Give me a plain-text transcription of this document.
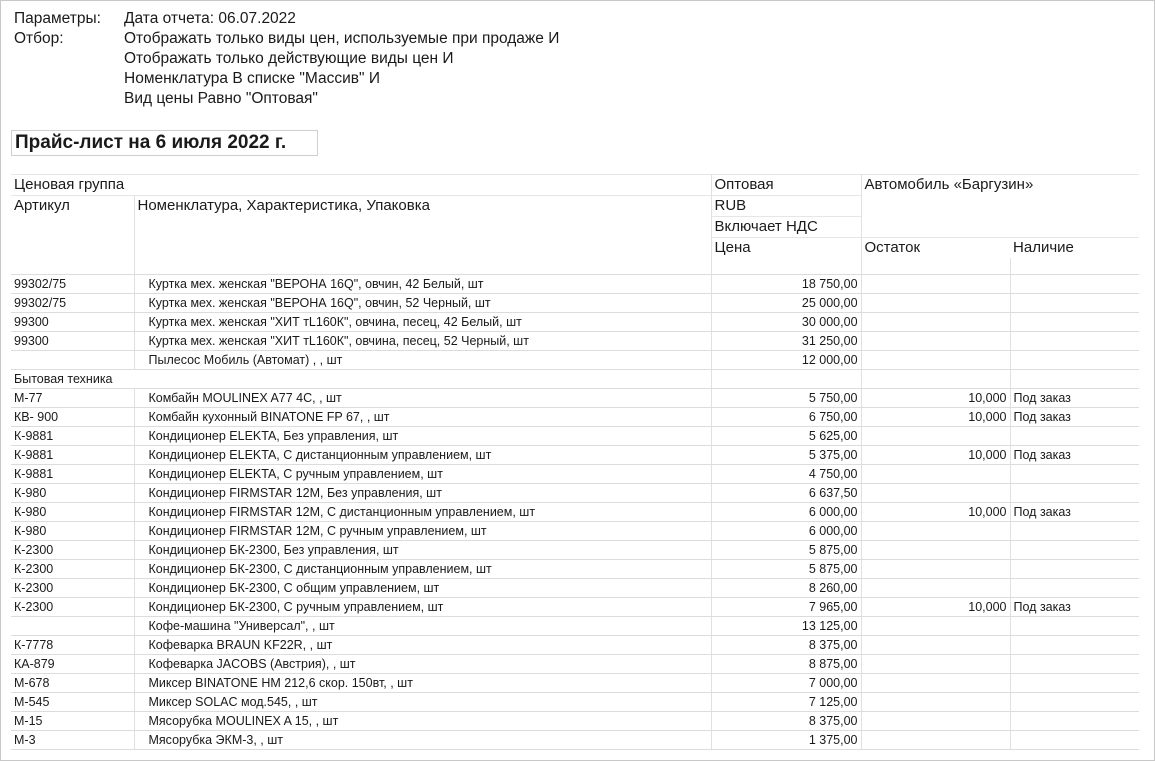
Параметры:	Дата отчета: 06.07.2022
Отбор:	Отображать только виды цен, используемые при продаже И
Отображать только действующие виды цен И
Номенклатура В списке "Массив" И
Вид цены Равно "Оптовая"
Прайс-лист на 6 июля 2022 г.
Ценовая группа		Оптовая	Автомобиль «Баргузин»	
Артикул	Номенклатура, Характеристика, Упаковка	RUB		
		Включает НДС		
		Цена	Остаток	Наличие

99302/75	Куртка мех. женская "ВЕРОНА 16Q", овчин, 42 Белый, шт	18 750,00		
99302/75	Куртка мех. женская "ВЕРОНА 16Q", овчин, 52 Черный, шт	25 000,00		
99300	Куртка мех. женская "ХИТ тL160К", овчина, песец, 42 Белый, шт	30 000,00		
99300	Куртка мех. женская "ХИТ тL160К", овчина, песец, 52 Черный, шт	31 250,00		
	Пылесос Мобиль (Автомат) , , шт	12 000,00		
Бытовая техника				
М-77	Комбайн MOULINEX A77 4C, , шт	5 750,00	10,000	Под заказ
КВ- 900	Комбайн кухонный BINATONE FP 67, , шт	6 750,00	10,000	Под заказ
К-9881	Кондиционер ELEKTA, Без управления, шт	5 625,00		
К-9881	Кондиционер ELEKTA, С дистанционным управлением, шт	5 375,00	10,000	Под заказ
К-9881	Кондиционер ELEKTA, С ручным управлением, шт	4 750,00		
К-980	Кондиционер FIRMSTAR 12M, Без управления, шт	6 637,50		
К-980	Кондиционер FIRMSTAR 12M, С дистанционным управлением, шт	6 000,00	10,000	Под заказ
К-980	Кондиционер FIRMSTAR 12M, С ручным управлением, шт	6 000,00		
К-2300	Кондиционер БК-2300, Без управления, шт	5 875,00		
К-2300	Кондиционер БК-2300, С дистанционным управлением, шт	5 875,00		
К-2300	Кондиционер БК-2300, С общим управлением, шт	8 260,00		
К-2300	Кондиционер БК-2300, С ручным управлением, шт	7 965,00	10,000	Под заказ
	Кофе-машина "Универсал", , шт	13 125,00		
К-7778	Кофеварка BRAUN KF22R, , шт	8 375,00		
КА-879	Кофеварка JACOBS (Австрия), , шт	8 875,00		
М-678	Миксер BINATONE HM 212,6 скор. 150вт, , шт	7 000,00		
М-545	Миксер SOLAC мод.545, , шт	7 125,00		
М-15	Мясорубка MOULINEX A 15, , шт	8 375,00		
М-3	Мясорубка ЭКМ-3, , шт	1 375,00		
